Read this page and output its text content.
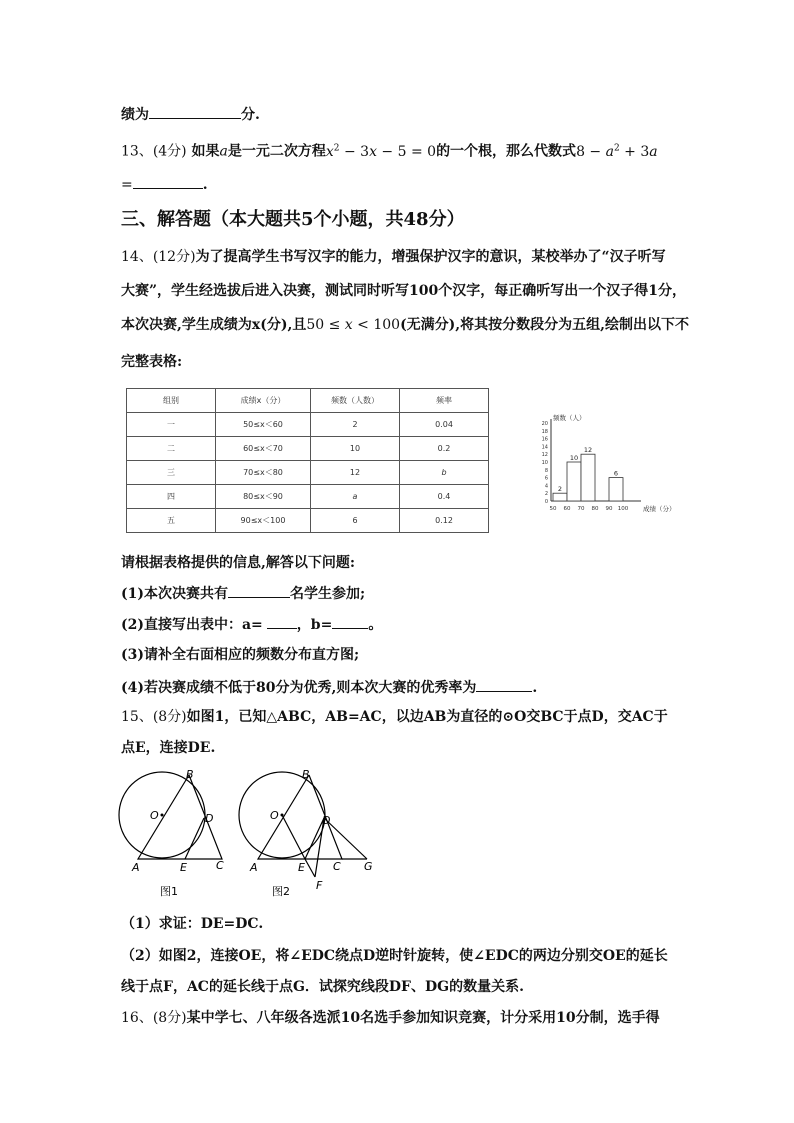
绩为	分.
13、(4分) 如果a是一元二次方程$x^2 - 3x - 5 = 0$的一个根，那么代数式$8 - a^2 + 3a$
=	.
三、解答题（本大题共5个小题，共48分）
14、(12分)为了提高学生书写汉字的能力，增强保护汉字的意识，某校举办了“汉子听写
大赛”，学生经选拔后进入决赛，测试同时听写100个汉字，每正确听写出一个汉子得1分，
本次决赛,学生成绩为x(分),且50 ≤ x < 100(无满分),将其按分数段分为五组,绘制出以下不
完整表格:
组别	成绩x（分）	频数（人数）	频率
一	50≤x＜60	2	0.04
二	60≤x＜70	10	0.2
三	70≤x＜80	12	b
四	80≤x＜90	a	0.4
五	90≤x＜100	6	0.12
0
2
4
6
8
10
12
14
16
18
20
50 60 70 80 90 100
2
10
12
6
频数（人）
成绩（分）
请根据表格提供的信息,解答以下问题:
(1)本次决赛共有	名学生参加;
(2)直接写出表中：a= ，b=	。
(3)请补全右面相应的频数分布直方图;
(4)若决赛成绩不低于80分为优秀,则本次大赛的优秀率为	.
15、(8分)如图1，已知△ABC，AB=AC，以边AB为直径的⊙O交BC于点D，交AC于
点E，连接DE.
B
O	D
A	E	C
图1
B
O	D
A	E	C G
F
图2
（1）求证：DE=DC.
（2）如图2，连接OE，将∠EDC绕点D逆时针旋转，使∠EDC的两边分别交OE的延长
线于点F，AC的延长线于点G．试探究线段DF、DG的数量关系.
16、(8分)某中学七、八年级各选派10名选手参加知识竞赛，计分采用10分制，选手得
